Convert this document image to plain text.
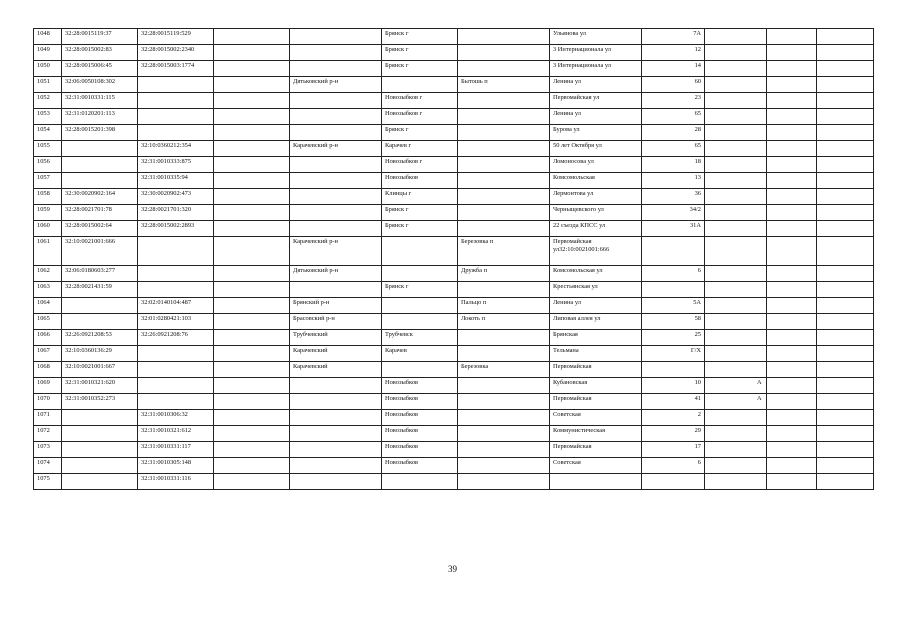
1048	32:28:0015119:37	32:28:0015119:529			Брянск г		Ульянова ул	7А			
1049	32:28:0015002:83	32:28:0015002:2340			Брянск г		3 Интернационала ул	12			
1050	32:28:0015006:45	32:28:0015003:1774			Брянск г		3 Интернационала ул	14			
1051	32:06:0050108:302			Дятьковский р-н		Бытошь п	Ленина ул	60			
1052	32:31:0010331:115				Новозыбков г		Первомайская ул	23			
1053	32:31:0120201:113				Новозыбков г		Ленина ул	65			
1054	32:28:0015201:398				Брянск г		Бурова ул	28			
1055		32:10:0360212:354		Карачевский р-н	Карачев г		50 лет Октября ул	65			
1056		32:31:0010333:875			Новозыбков г		Ломоносова ул	18			
1057		32:31:0010335:94			Новозыбков		Комсомольская	13			
1058	32:30:0020902:164	32:30:0020902:473			Клинцы г		Лермонтова ул	36			
1059	32:28:0021701:78	32:28:0021701:320			Брянск г		Черныщевского ул	34/2			
1060	32:28:0015002:64	32:28:0015002:2893			Брянск г		22 съезда КПСС ул	31А			
1061	32:10:0021001:666			Карачевский р-н		Березовка п	Первомайская ул32:10:0021001:666				
1062	32:06:0180603:277			Дятьковский р-н		Дружба п	Комсомольская ул	6			
1063	32:28:0021431:59				Брянск г		Крестьянская ул				
1064		32:02:0140104:487		Брянский р-н		Пальцо п	Ленина ул	5А			
1065		32:01:0280421:103		Брасовский р-н		Локоть п	Липовая аллея ул	58			
1066	32:26:0921208:53	32:26:0921208:76		Трубчевский	Трубчевск		Брянская	25			
1067	32:10:0360136:29			Карачевский	Карачев		Тельмана	Г/Х			
1068	32:10:0021001:667			Карачевский		Березовка	Первомайская				
1069	32:31:0010321:620				Новозыбков		Кубановская	10	А		
1070	32:31:0010352:273				Новозыбков		Первомайская	41	А		
1071		32:31:0010306:32			Новозыбков		Советская	2			
1072		32:31:0010321:612			Новозыбков		Коммунистическая	29			
1073		32:31:0010331:117			Новозыбков		Первомайская	17			
1074		32:31:0010305:148			Новозыбков		Советская	6			
1075		32:31:0010331:116									
39
